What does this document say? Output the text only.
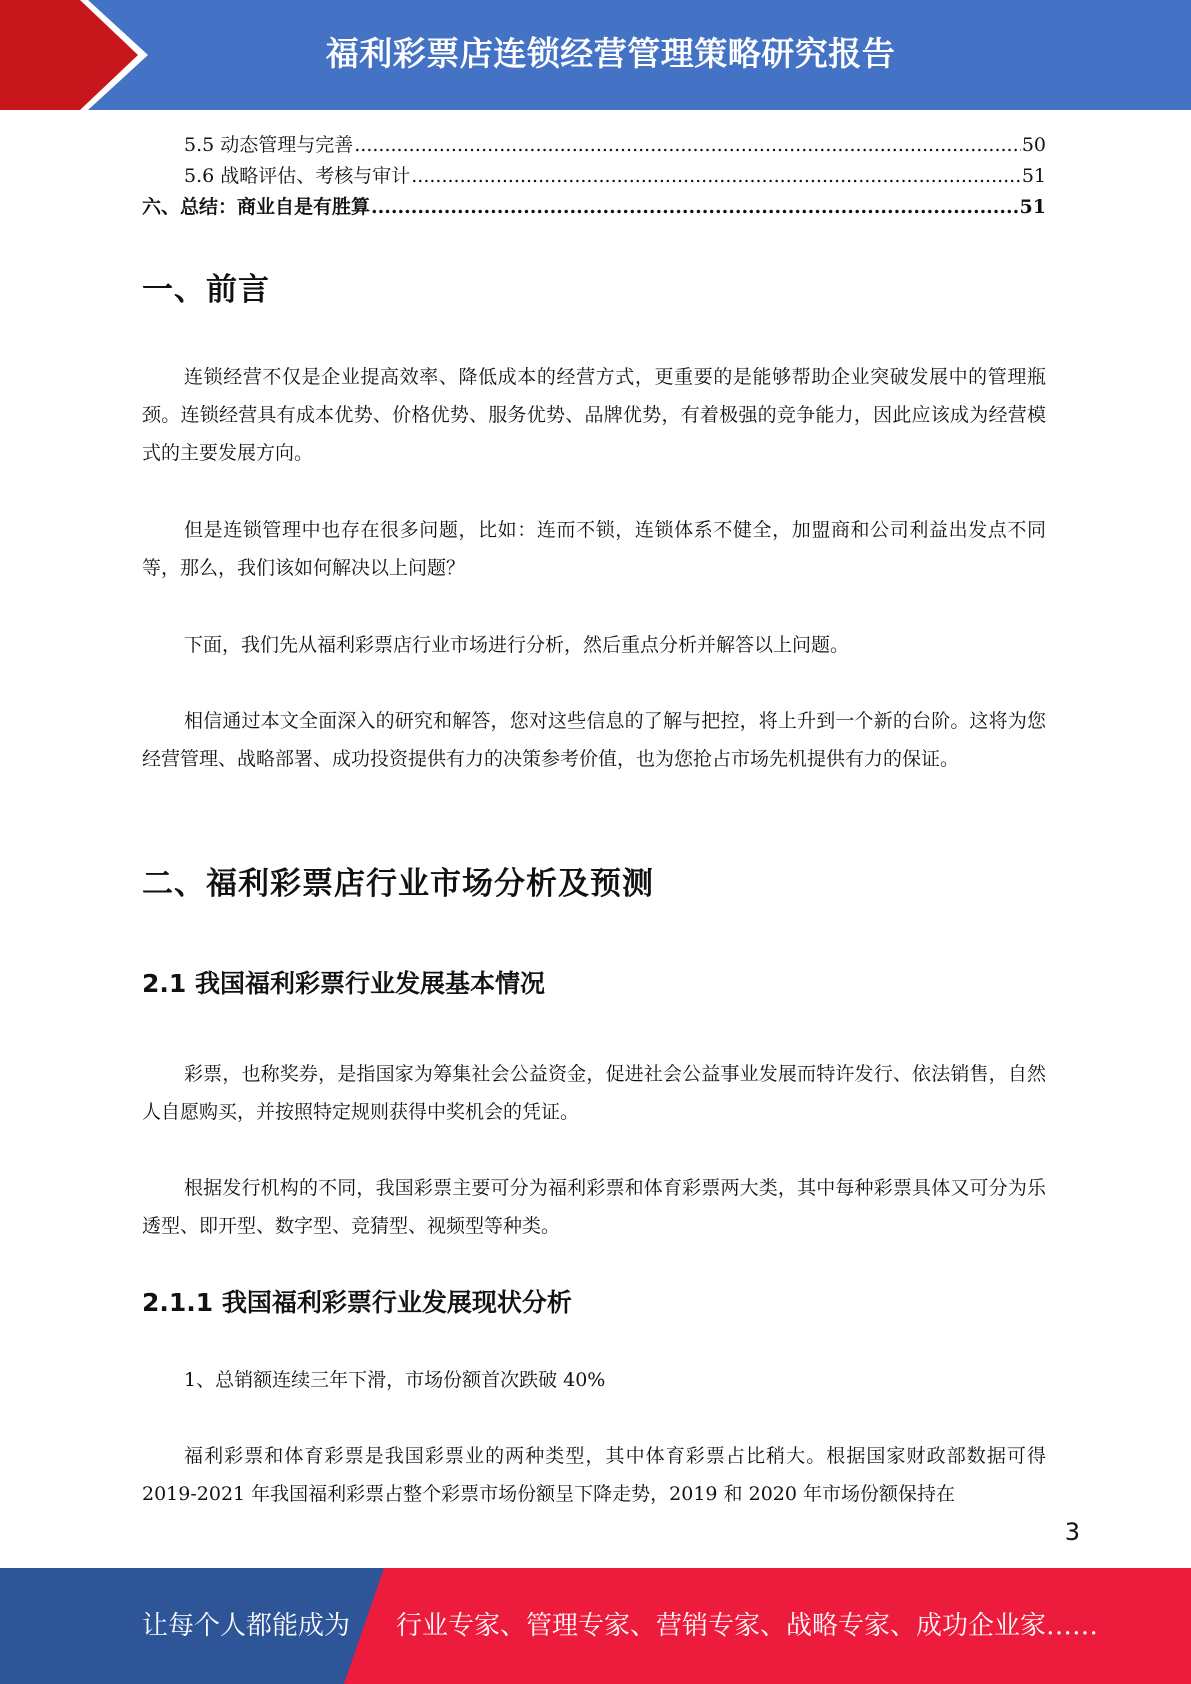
福利彩票店连锁经营管理策略研究报告
5.5 动态管理与完善 .....	50
5.6 战略评估、考核与审计 .....	51
六、总结：商业自是有胜算 .....	51
一、前言

连锁经营不仅是企业提高效率、降低成本的经营方式，更重要的是能够帮助企业突破发展中的管理瓶颈。连锁经营具有成本优势、价格优势、服务优势、品牌优势，有着极强的竞争能力，因此应该成为经营模式的主要发展方向。

但是连锁管理中也存在很多问题，比如：连而不锁，连锁体系不健全，加盟商和公司利益出发点不同等，那么，我们该如何解决以上问题？

下面，我们先从福利彩票店行业市场进行分析，然后重点分析并解答以上问题。

相信通过本文全面深入的研究和解答，您对这些信息的了解与把控，将上升到一个新的台阶。这将为您经营管理、战略部署、成功投资提供有力的决策参考价值，也为您抢占市场先机提供有力的保证。

二、福利彩票店行业市场分析及预测
2.1 我国福利彩票行业发展基本情况

彩票，也称奖券，是指国家为筹集社会公益资金，促进社会公益事业发展而特许发行、依法销售，自然人自愿购买，并按照特定规则获得中奖机会的凭证。

根据发行机构的不同，我国彩票主要可分为福利彩票和体育彩票两大类，其中每种彩票具体又可分为乐透型、即开型、数字型、竞猜型、视频型等种类。

2.1.1 我国福利彩票行业发展现状分析

1、总销额连续三年下滑，市场份额首次跌破 40%

福利彩票和体育彩票是我国彩票业的两种类型，其中体育彩票占比稍大。根据国家财政部数据可得 2019-2021 年我国福利彩票占整个彩票市场份额呈下降走势，2019 和 2020 年市场份额保持在

3
让每个人都能成为 行业专家、管理专家、营销专家、战略专家、成功企业家……
